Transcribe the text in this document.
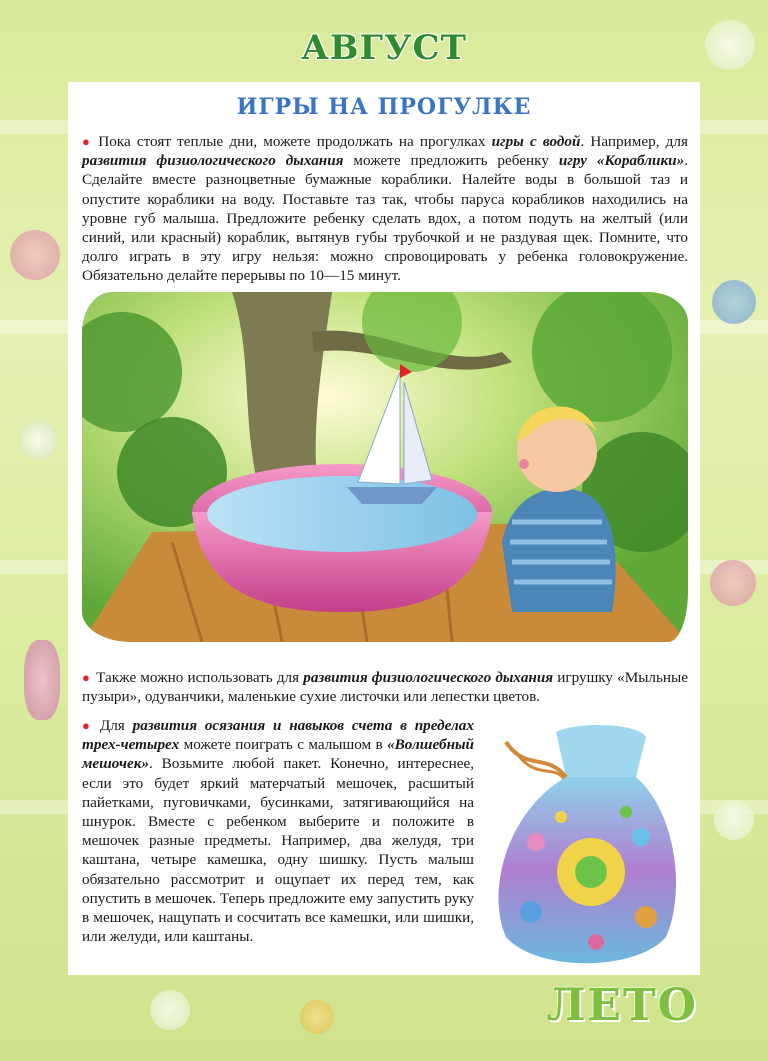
АВГУСТ
ИГРЫ НА ПРОГУЛКЕ
● Пока стоят теплые дни, можете продолжать на прогулках игры с водой. Например, для развития физиологического дыхания можете предложить ребенку игру «Кораблики». Сделайте вместе разноцветные бумажные кораблики. Налейте воды в большой таз и опустите кораблики на воду. Поставьте таз так, чтобы паруса корабликов находились на уровне губ малыша. Предложите ребенку сделать вдох, а потом подуть на желтый (или синий, или красный) кораблик, вытянув губы трубочкой и не раздувая щек. Помните, что долго играть в эту игру нельзя: можно спровоцировать у ребенка головокружение. Обязательно делайте перерывы по 10—15 минут.
● Также можно использовать для развития физиологического дыхания игрушку «Мыльные пузыри», одуванчики, маленькие сухие листочки или лепестки цветов.
● Для развития осязания и навыков счета в пределах трех-четырех можете поиграть с малышом в «Волшебный мешочек». Возьмите любой пакет. Конечно, интереснее, если это будет яркий матерчатый мешочек, расшитый пайетками, пуговичками, бусинками, затягивающийся на шнурок. Вместе с ребенком выберите и положите в мешочек разные предметы. Например, два желудя, три каштана, четыре камешка, одну шишку. Пусть малыш обязательно рассмотрит и ощупает их перед тем, как опустить в мешочек. Теперь предложите ему запустить руку в мешочек, нащупать и сосчитать все камешки, или шишки, или желуди, или каштаны.
ЛЕТО
